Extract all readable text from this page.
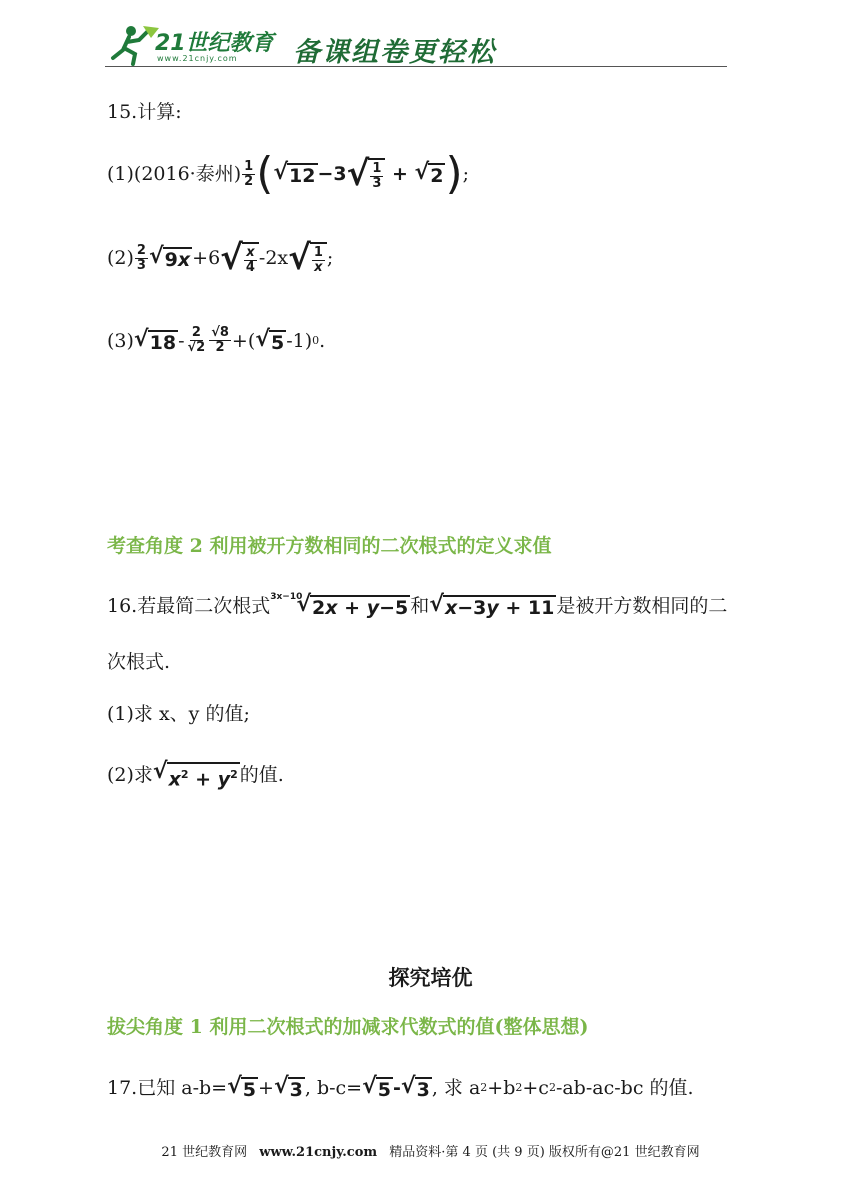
21世纪教育
www.21cnjy.com 备课组卷更轻松
15.计算:
(1)(2016·泰州) $\frac{1}{2}$ ( √ 12 −3 √ $\frac{1}{3}$ + √ 2 ) ;
$(2) \frac{2}{3}$ √ 9x +6 √ $\frac{x}{4} -2x$ √ $\frac{1}{x}$ ;
(3) √ $18 - \frac{2}{√2} \frac{√8}{2}$ +( √ 5 -1) 0 .
考查角度 2 利用被开方数相同的二次根式的定义求值
16.若最简二次根式 3x−10
√ 2x + y−5 和 √ x−3y + 11 是被开方数相同的二
次根式.
(1)求 x、y 的值;
(2)求 √ $x^2 + y^2$ 的值.
探究培优
拔尖角度 1 利用二次根式的加减求代数式的值(整体思想)
17.已知 a-b= √ 5 + √ 3 , b-c= √ 5 - √ 3 , 求 a 2 +b 2 +c 2 -ab-ac-bc 的值.
21 世纪教育网 www.21cnjy.com 精品资料·第 4 页 (共 9 页) 版权所有@21 世纪教育网
